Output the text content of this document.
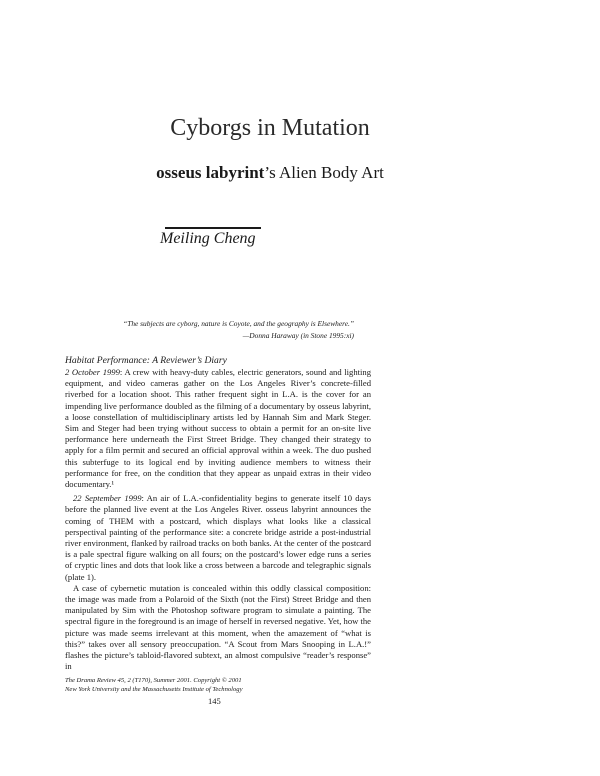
Cyborgs in Mutation
osseus labyrint’s Alien Body Art
Meiling Cheng
“The subjects are cyborg, nature is Coyote, and the geography is Elsewhere.”
—Donna Haraway (in Stone 1995:xi)
Habitat Performance: A Reviewer’s Diary

2 October 1999: A crew with heavy-duty cables, electric generators, sound and lighting equipment, and video cameras gather on the Los Angeles River’s concrete-filled riverbed for a location shoot. This rather frequent sight in L.A. is the cover for an impending live performance doubled as the filming of a documentary by osseus labyrint, a loose constellation of multidisciplinary artists led by Hannah Sim and Mark Steger. Sim and Steger had been trying without success to obtain a permit for an on-site live performance here underneath the First Street Bridge. They changed their strategy to apply for a film permit and secured an official approval within a week. The duo pushed this subterfuge to its logical end by inviting audience members to witness their performance for free, on the condition that they appear as unpaid extras in their video documentary.¹

22 September 1999: An air of L.A.-confidentiality begins to generate itself 10 days before the planned live event at the Los Angeles River. osseus labyrint announces the coming of THEM with a postcard, which displays what looks like a classical perspectival painting of the performance site: a concrete bridge astride a post-industrial river environment, flanked by railroad tracks on both banks. At the center of the postcard is a pale spectral figure walking on all fours; on the postcard’s lower edge runs a series of cryptic lines and dots that look like a cross between a barcode and telegraphic signals (plate 1).

A case of cybernetic mutation is concealed within this oddly classical composition: the image was made from a Polaroid of the Sixth (not the First) Street Bridge and then manipulated by Sim with the Photoshop software program to simulate a painting. The spectral figure in the foreground is an image of herself in reversed negative. Yet, how the picture was made seems irrelevant at this moment, when the amazement of “what is this?” takes over all sensory preoccupation. “A Scout from Mars Snooping in L.A.!” flashes the picture’s tabloid-flavored subtext, an almost compulsive “reader’s response” in

The Drama Review 45, 2 (T170), Summer 2001. Copyright © 2001
New York University and the Massachusetts Institute of Technology
145
